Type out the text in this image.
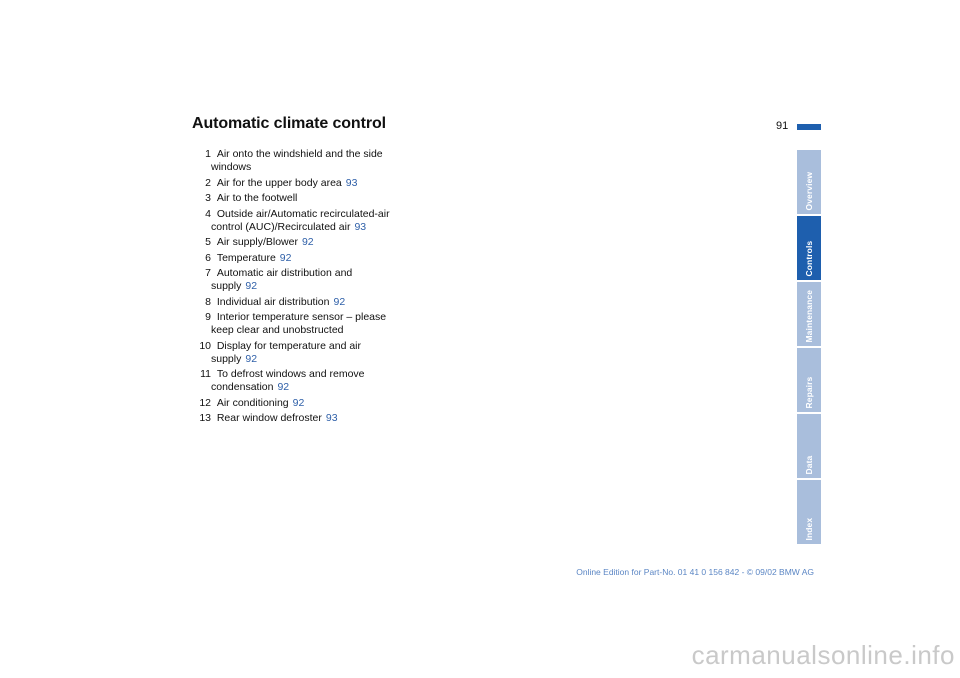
Automatic climate control	91
1 Air onto the windshield and the side windows
2 Air for the upper body area 93
3 Air to the footwell
4 Outside air/Automatic recirculated-air control (AUC)/Recirculated air 93
5 Air supply/Blower 92
6 Temperature 92
7 Automatic air distribution and supply 92
8 Individual air distribution 92
9 Interior temperature sensor – please keep clear and unobstructed
10 Display for temperature and air supply 92
11 To defrost windows and remove condensation 92
12 Air conditioning 92
13 Rear window defroster 93
Overview
Controls
Maintenance
Repairs
Data
Index
Online Edition for Part-No. 01 41 0 156 842 - © 09/02 BMW AG
carmanualsonline.info
